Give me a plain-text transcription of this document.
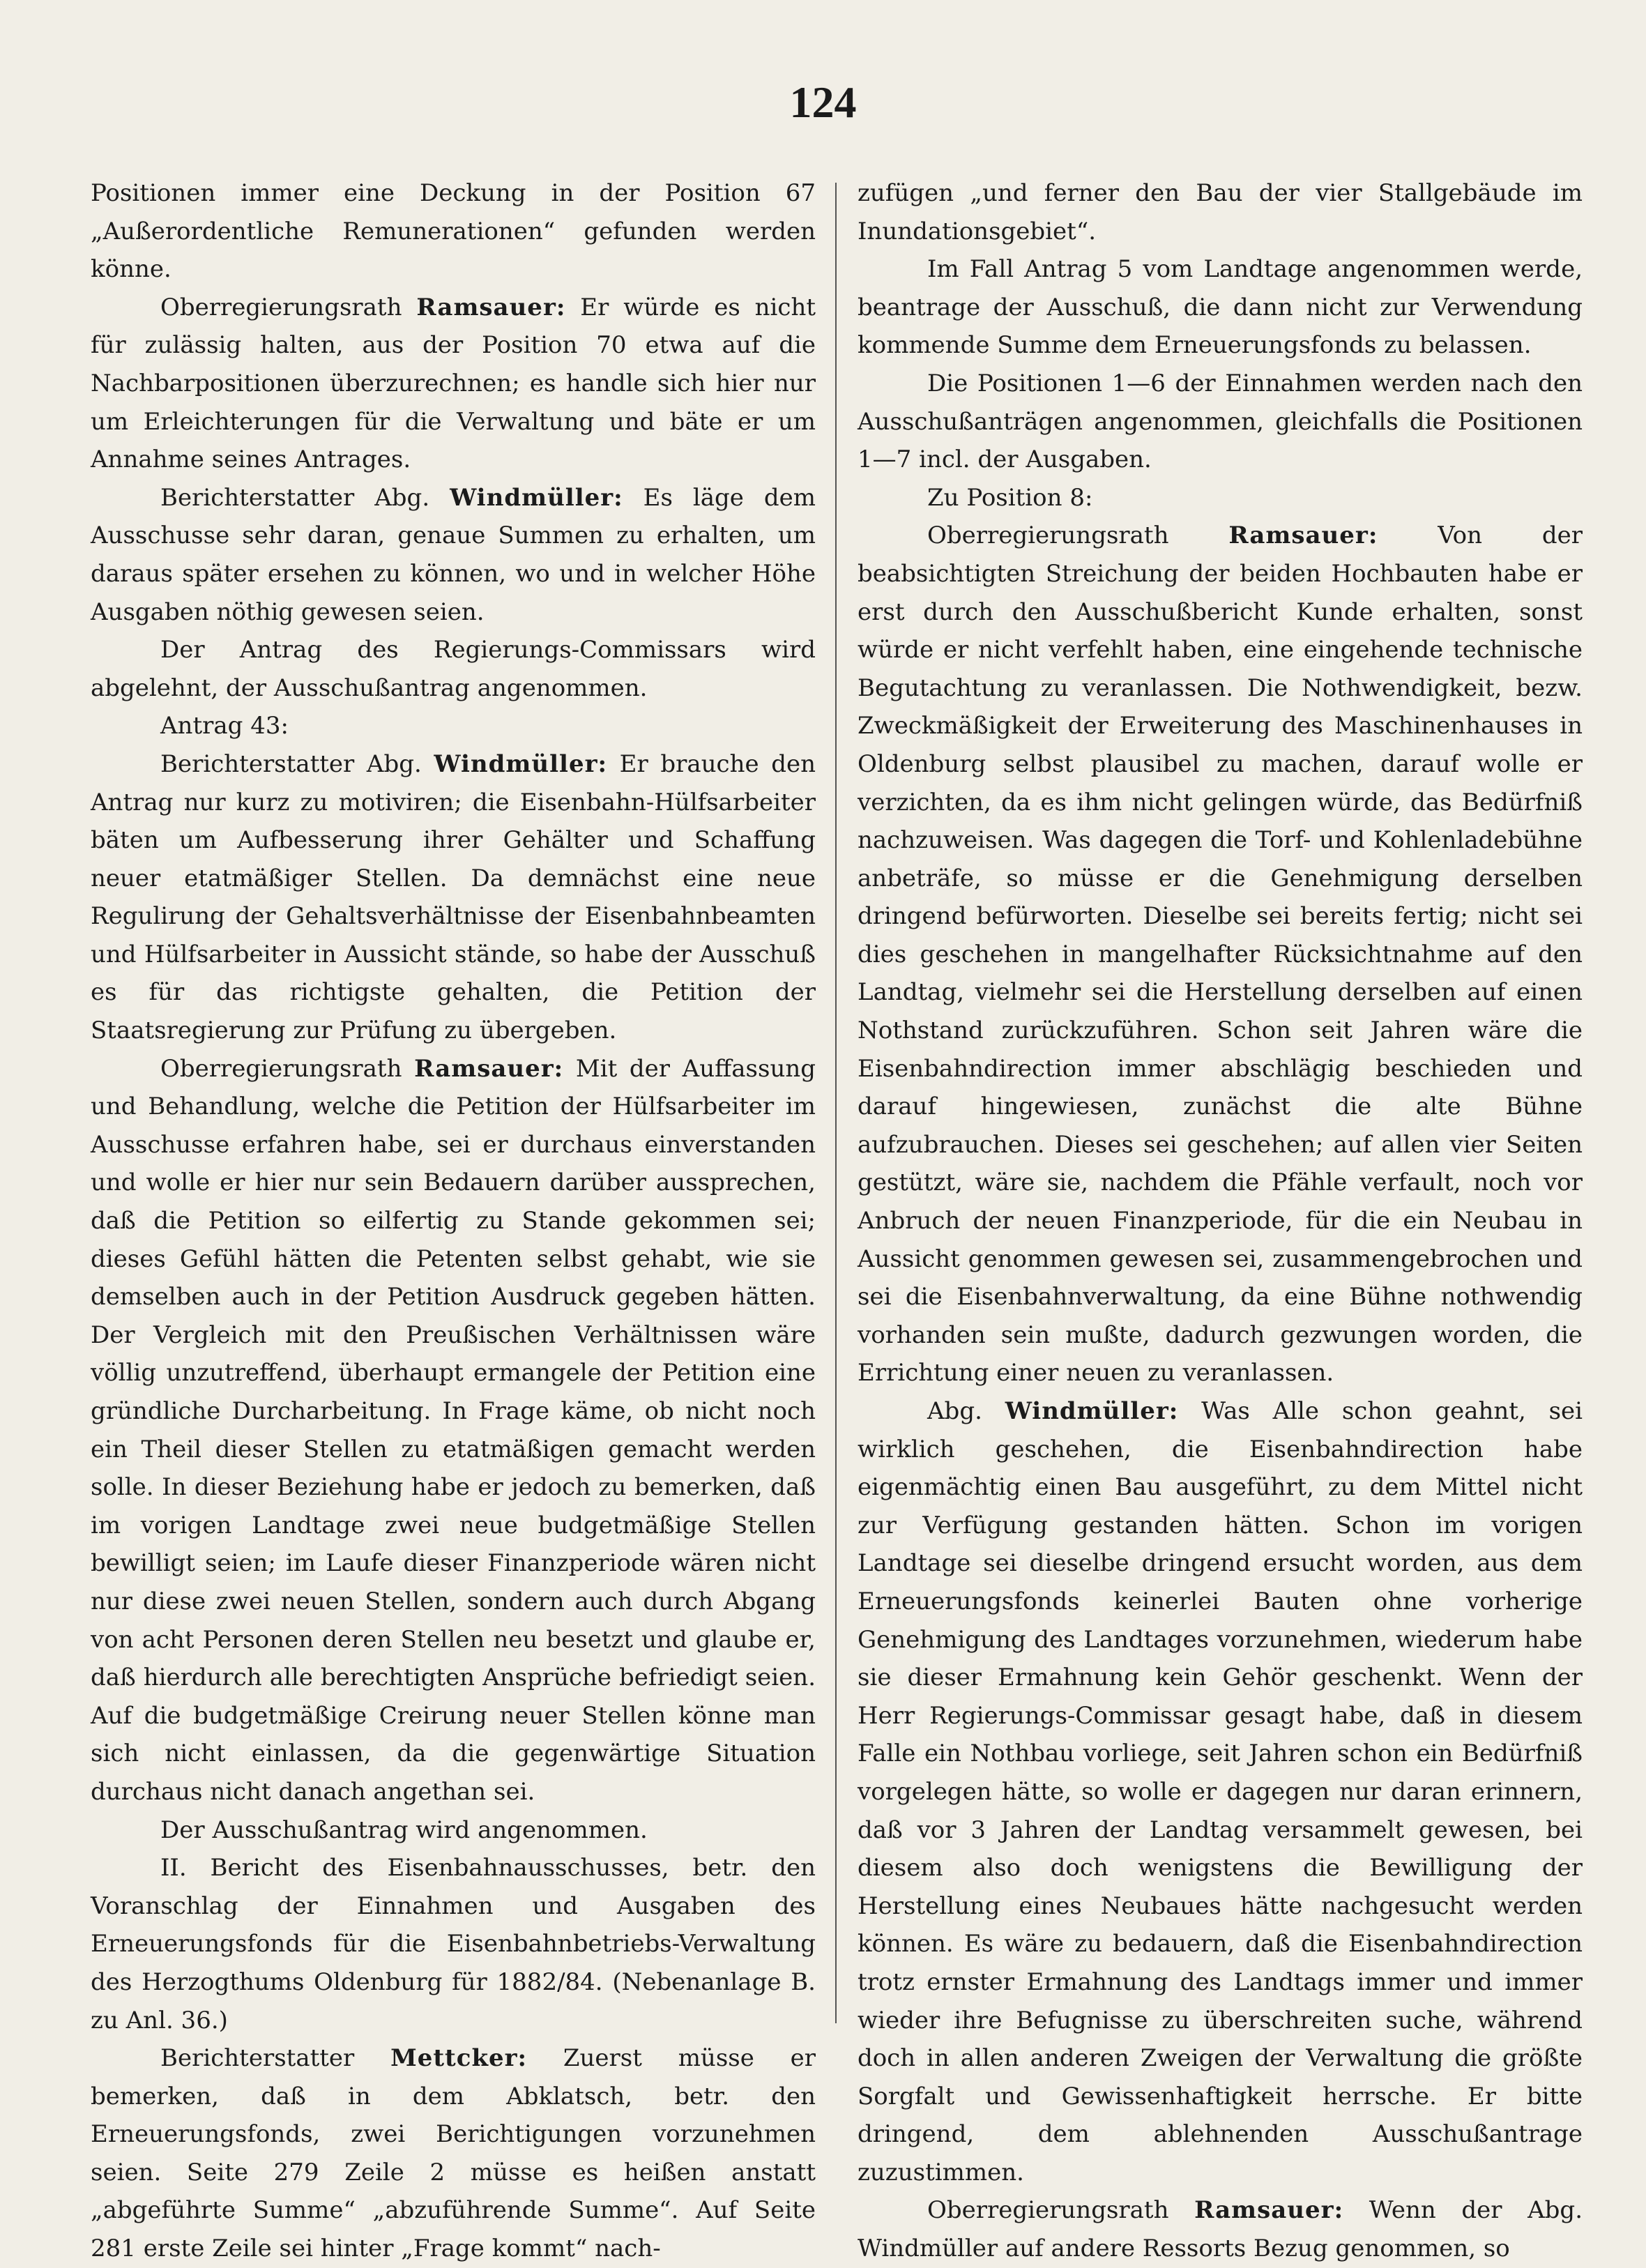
124

Positionen immer eine Deckung in der Position 67 „Außerordentliche Remunerationen“ gefunden werden könne.

Oberregierungsrath Ramsauer: Er würde es nicht für zulässig halten, aus der Position 70 etwa auf die Nachbarpositionen überzurechnen; es handle sich hier nur um Erleichterungen für die Verwaltung und bäte er um Annahme seines Antrages.

Berichterstatter Abg. Windmüller: Es läge dem Ausschusse sehr daran, genaue Summen zu erhalten, um daraus später ersehen zu können, wo und in welcher Höhe Ausgaben nöthig gewesen seien.

Der Antrag des Regierungs-Commissars wird abgelehnt, der Ausschußantrag angenommen.

Antrag 43:

Berichterstatter Abg. Windmüller: Er brauche den Antrag nur kurz zu motiviren; die Eisenbahn-Hülfsarbeiter bäten um Aufbesserung ihrer Gehälter und Schaffung neuer etatmäßiger Stellen. Da demnächst eine neue Regulirung der Gehaltsverhältnisse der Eisenbahnbeamten und Hülfsarbeiter in Aussicht stände, so habe der Ausschuß es für das richtigste gehalten, die Petition der Staatsregierung zur Prüfung zu übergeben.

Oberregierungsrath Ramsauer: Mit der Auffassung und Behandlung, welche die Petition der Hülfsarbeiter im Ausschusse erfahren habe, sei er durchaus einverstanden und wolle er hier nur sein Bedauern darüber aussprechen, daß die Petition so eilfertig zu Stande gekommen sei; dieses Gefühl hätten die Petenten selbst gehabt, wie sie demselben auch in der Petition Ausdruck gegeben hätten. Der Vergleich mit den Preußischen Verhältnissen wäre völlig unzutreffend, überhaupt ermangele der Petition eine gründliche Durcharbeitung. In Frage käme, ob nicht noch ein Theil dieser Stellen zu etatmäßigen gemacht werden solle. In dieser Beziehung habe er jedoch zu bemerken, daß im vorigen Landtage zwei neue budgetmäßige Stellen bewilligt seien; im Laufe dieser Finanzperiode wären nicht nur diese zwei neuen Stellen, sondern auch durch Abgang von acht Personen deren Stellen neu besetzt und glaube er, daß hierdurch alle berechtigten Ansprüche befriedigt seien. Auf die budgetmäßige Creirung neuer Stellen könne man sich nicht einlassen, da die gegenwärtige Situation durchaus nicht danach angethan sei.

Der Ausschußantrag wird angenommen.

II. Bericht des Eisenbahnausschusses, betr. den Voranschlag der Einnahmen und Ausgaben des Erneuerungsfonds für die Eisenbahnbetriebs-Verwaltung des Herzogthums Oldenburg für 1882/84. (Nebenanlage B. zu Anl. 36.)

Berichterstatter Mettcker: Zuerst müsse er bemerken, daß in dem Abklatsch, betr. den Erneuerungsfonds, zwei Berichtigungen vorzunehmen seien. Seite 279 Zeile 2 müsse es heißen anstatt „abgeführte Summe“ „abzuführende Summe“. Auf Seite 281 erste Zeile sei hinter „Frage kommt“ nach-

zufügen „und ferner den Bau der vier Stallgebäude im Inundationsgebiet“.

Im Fall Antrag 5 vom Landtage angenommen werde, beantrage der Ausschuß, die dann nicht zur Verwendung kommende Summe dem Erneuerungsfonds zu belassen.

Die Positionen 1—6 der Einnahmen werden nach den Ausschußanträgen angenommen, gleichfalls die Positionen 1—7 incl. der Ausgaben.

Zu Position 8:

Oberregierungsrath	Ramsauer:	Von der beabsichtigten Streichung der beiden Hochbauten habe er erst durch den Ausschußbericht Kunde erhalten, sonst würde er nicht verfehlt haben, eine eingehende technische Begutachtung zu veranlassen. Die Nothwendigkeit, bezw. Zweckmäßigkeit der Erweiterung des Maschinenhauses in Oldenburg selbst plausibel zu machen, darauf wolle er verzichten, da es ihm nicht gelingen würde, das Bedürfniß nachzuweisen. Was dagegen die Torf- und Kohlenladebühne anbeträfe, so müsse er die Genehmigung derselben dringend befürworten. Dieselbe sei bereits fertig; nicht sei dies geschehen in mangelhafter Rücksichtnahme auf den Landtag, vielmehr sei die Herstellung derselben auf einen Nothstand zurückzuführen. Schon seit Jahren wäre die Eisenbahndirection immer abschlägig beschieden und darauf hingewiesen, zunächst die alte Bühne aufzubrauchen. Dieses sei geschehen; auf allen vier Seiten gestützt, wäre sie, nachdem die Pfähle verfault, noch vor Anbruch der neuen Finanzperiode, für die ein Neubau in Aussicht genommen gewesen sei, zusammengebrochen und sei die Eisenbahnverwaltung, da eine Bühne nothwendig vorhanden sein mußte, dadurch gezwungen worden, die Errichtung einer neuen zu veranlassen.

Abg. Windmüller: Was Alle schon geahnt, sei wirklich geschehen, die Eisenbahndirection habe eigenmächtig einen Bau ausgeführt, zu dem Mittel nicht zur Verfügung gestanden hätten. Schon im vorigen Landtage sei dieselbe dringend ersucht worden, aus dem Erneuerungsfonds keinerlei Bauten ohne vorherige Genehmigung des Landtages vorzunehmen, wiederum habe sie dieser Ermahnung kein Gehör geschenkt. Wenn der Herr Regierungs-Commissar gesagt habe, daß in diesem Falle ein Nothbau vorliege, seit Jahren schon ein Bedürfniß vorgelegen hätte, so wolle er dagegen nur daran erinnern, daß vor 3 Jahren der Landtag versammelt gewesen, bei diesem also doch wenigstens die Bewilligung der Herstellung eines Neubaues hätte nachgesucht werden können. Es wäre zu bedauern, daß die Eisenbahndirection trotz ernster Ermahnung des Landtags immer und immer wieder ihre Befugnisse zu überschreiten suche, während doch in allen anderen Zweigen der Verwaltung die größte Sorgfalt und Gewissenhaftigkeit herrsche. Er bitte dringend, dem ablehnenden Ausschußantrage zuzustimmen.

Oberregierungsrath Ramsauer: Wenn der Abg. Windmüller auf andere Ressorts Bezug genommen, so
